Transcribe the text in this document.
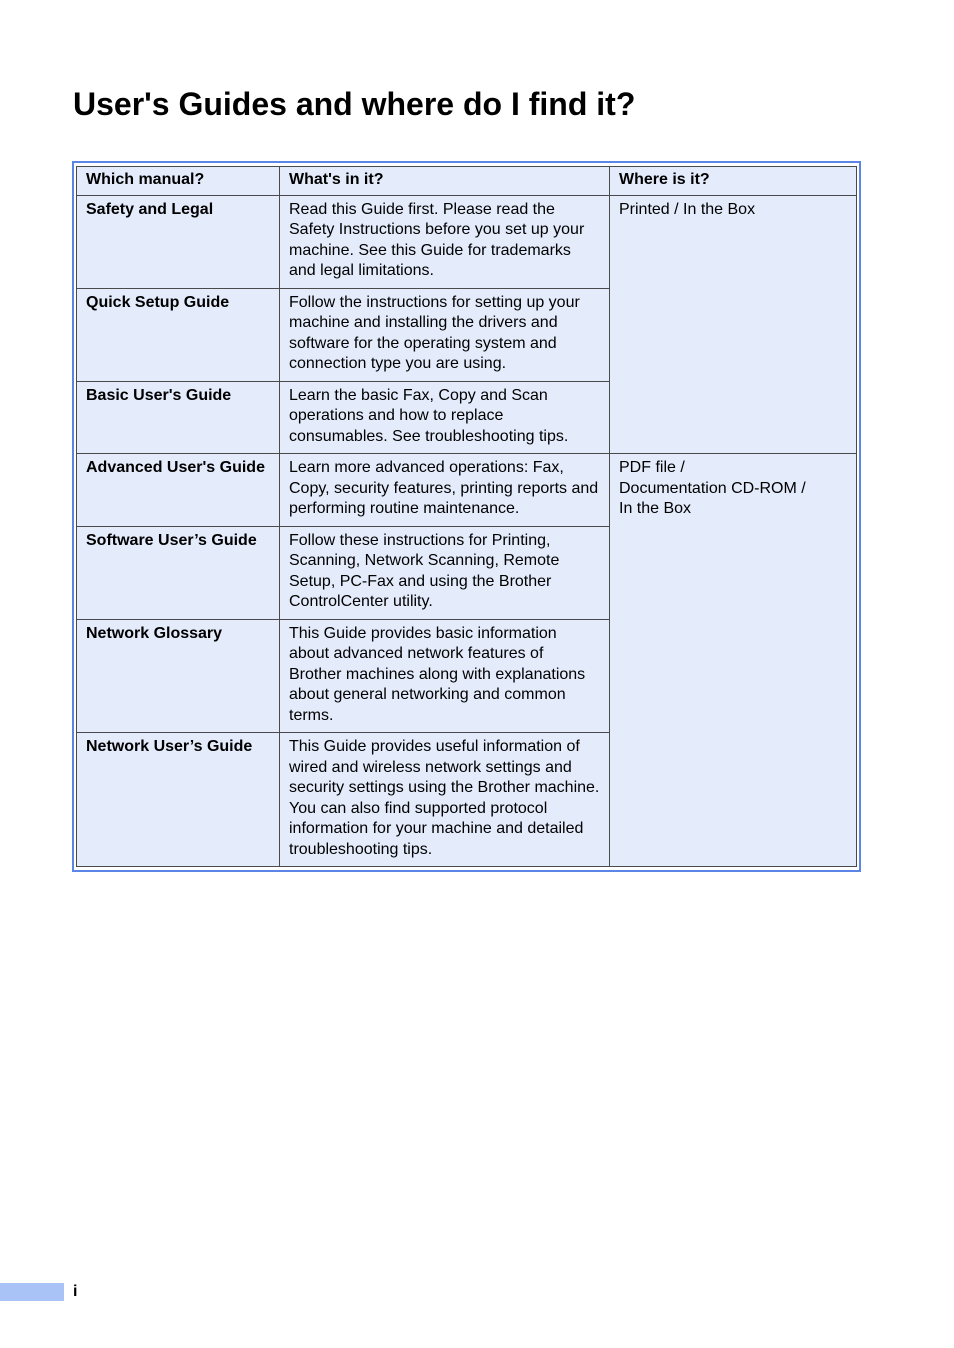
User's Guides and where do I find it?
Which manual?	What's in it?	Where is it?
Safety and Legal	Read this Guide first. Please read the Safety Instructions before you set up your machine. See this Guide for trademarks and legal limitations.	Printed / In the Box
Quick Setup Guide	Follow the instructions for setting up your machine and installing the drivers and software for the operating system and connection type you are using.	
Basic User's Guide	Learn the basic Fax, Copy and Scan operations and how to replace consumables. See troubleshooting tips.	
Advanced User's Guide	Learn more advanced operations: Fax, Copy, security features, printing reports and performing routine maintenance.	PDF file /
Documentation CD-ROM /
In the Box

Software User’s Guide	Follow these instructions for Printing, Scanning, Network Scanning, Remote Setup, PC-Fax and using the Brother ControlCenter utility.	
Network Glossary	This Guide provides basic information about advanced network features of Brother machines along with explanations about general networking and common terms.	
Network User’s Guide	This Guide provides useful information of wired and wireless network settings and security settings using the Brother machine. You can also find supported protocol information for your machine and detailed troubleshooting tips.	
i
